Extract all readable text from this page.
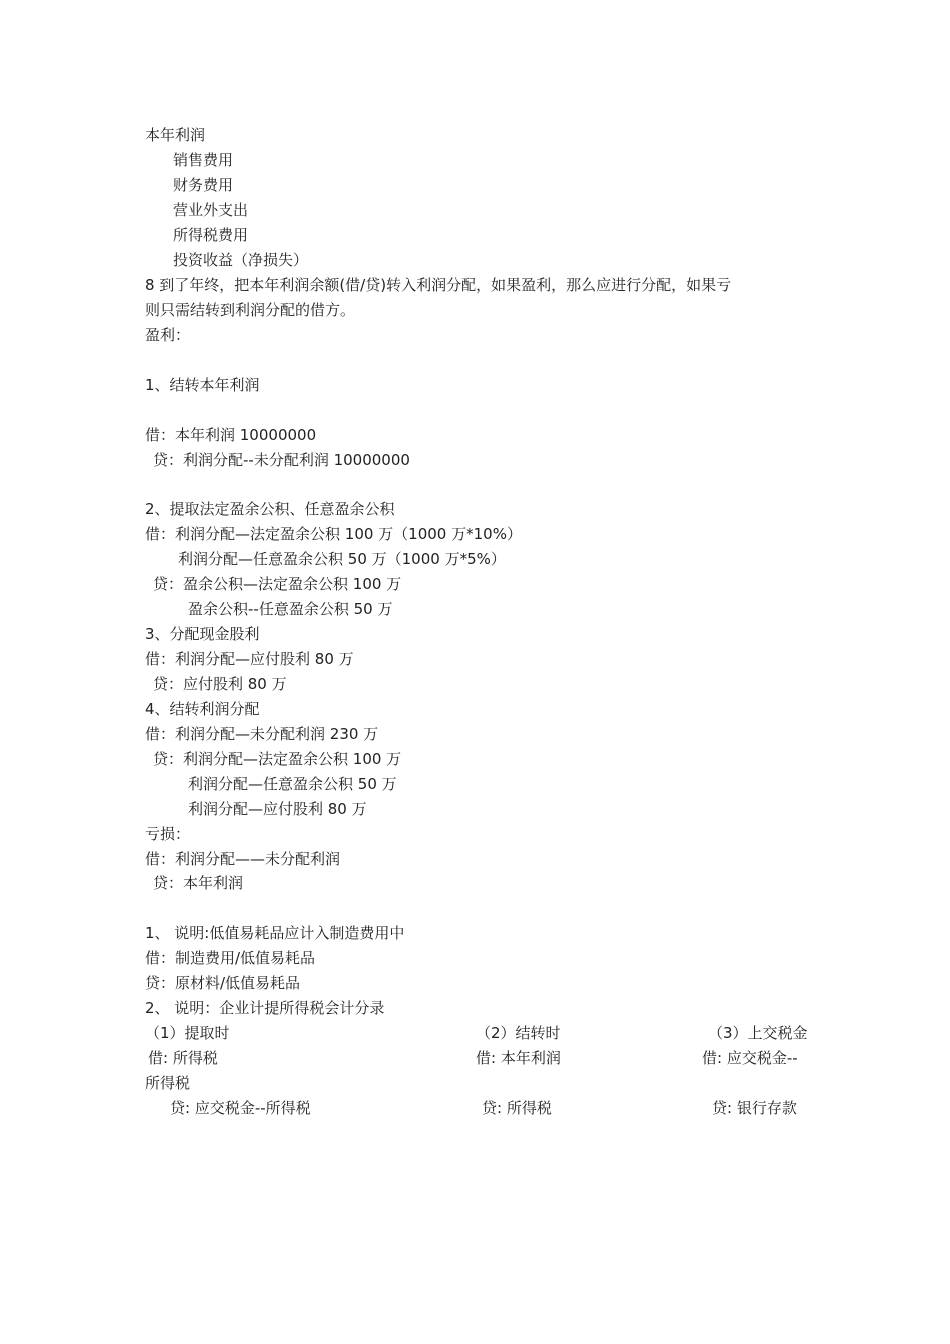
本年利润
销售费用
财务费用
营业外支出
所得税费用
投资收益（净损失）
8 到了年终，把本年利润余额(借/贷)转入利润分配，如果盈利，那么应进行分配，如果亏
则只需结转到利润分配的借方。
盈利：
1、结转本年利润
借：本年利润 10000000
贷：利润分配--未分配利润 10000000
2、提取法定盈余公积、任意盈余公积
借：利润分配—法定盈余公积 100 万（1000 万*10%）
利润分配—任意盈余公积 50 万（1000 万*5%）
贷：盈余公积—法定盈余公积 100 万
盈余公积--任意盈余公积 50 万
3、分配现金股利
借：利润分配—应付股利 80 万
贷：应付股利 80 万
4、结转利润分配
借：利润分配—未分配利润 230 万
贷：利润分配—法定盈余公积 100 万
利润分配—任意盈余公积 50 万
利润分配—应付股利 80 万
亏损：
借：利润分配——未分配利润
贷：本年利润
1、 说明:低值易耗品应计入制造费用中
借：制造费用/低值易耗品
贷：原材料/低值易耗品
2、 说明：企业计提所得税会计分录
（1）提取时	（2）结转时	（3）上交税金
借: 所得税	借: 本年利润	借: 应交税金--
所得税
贷: 应交税金--所得税	贷: 所得税	贷: 银行存款
